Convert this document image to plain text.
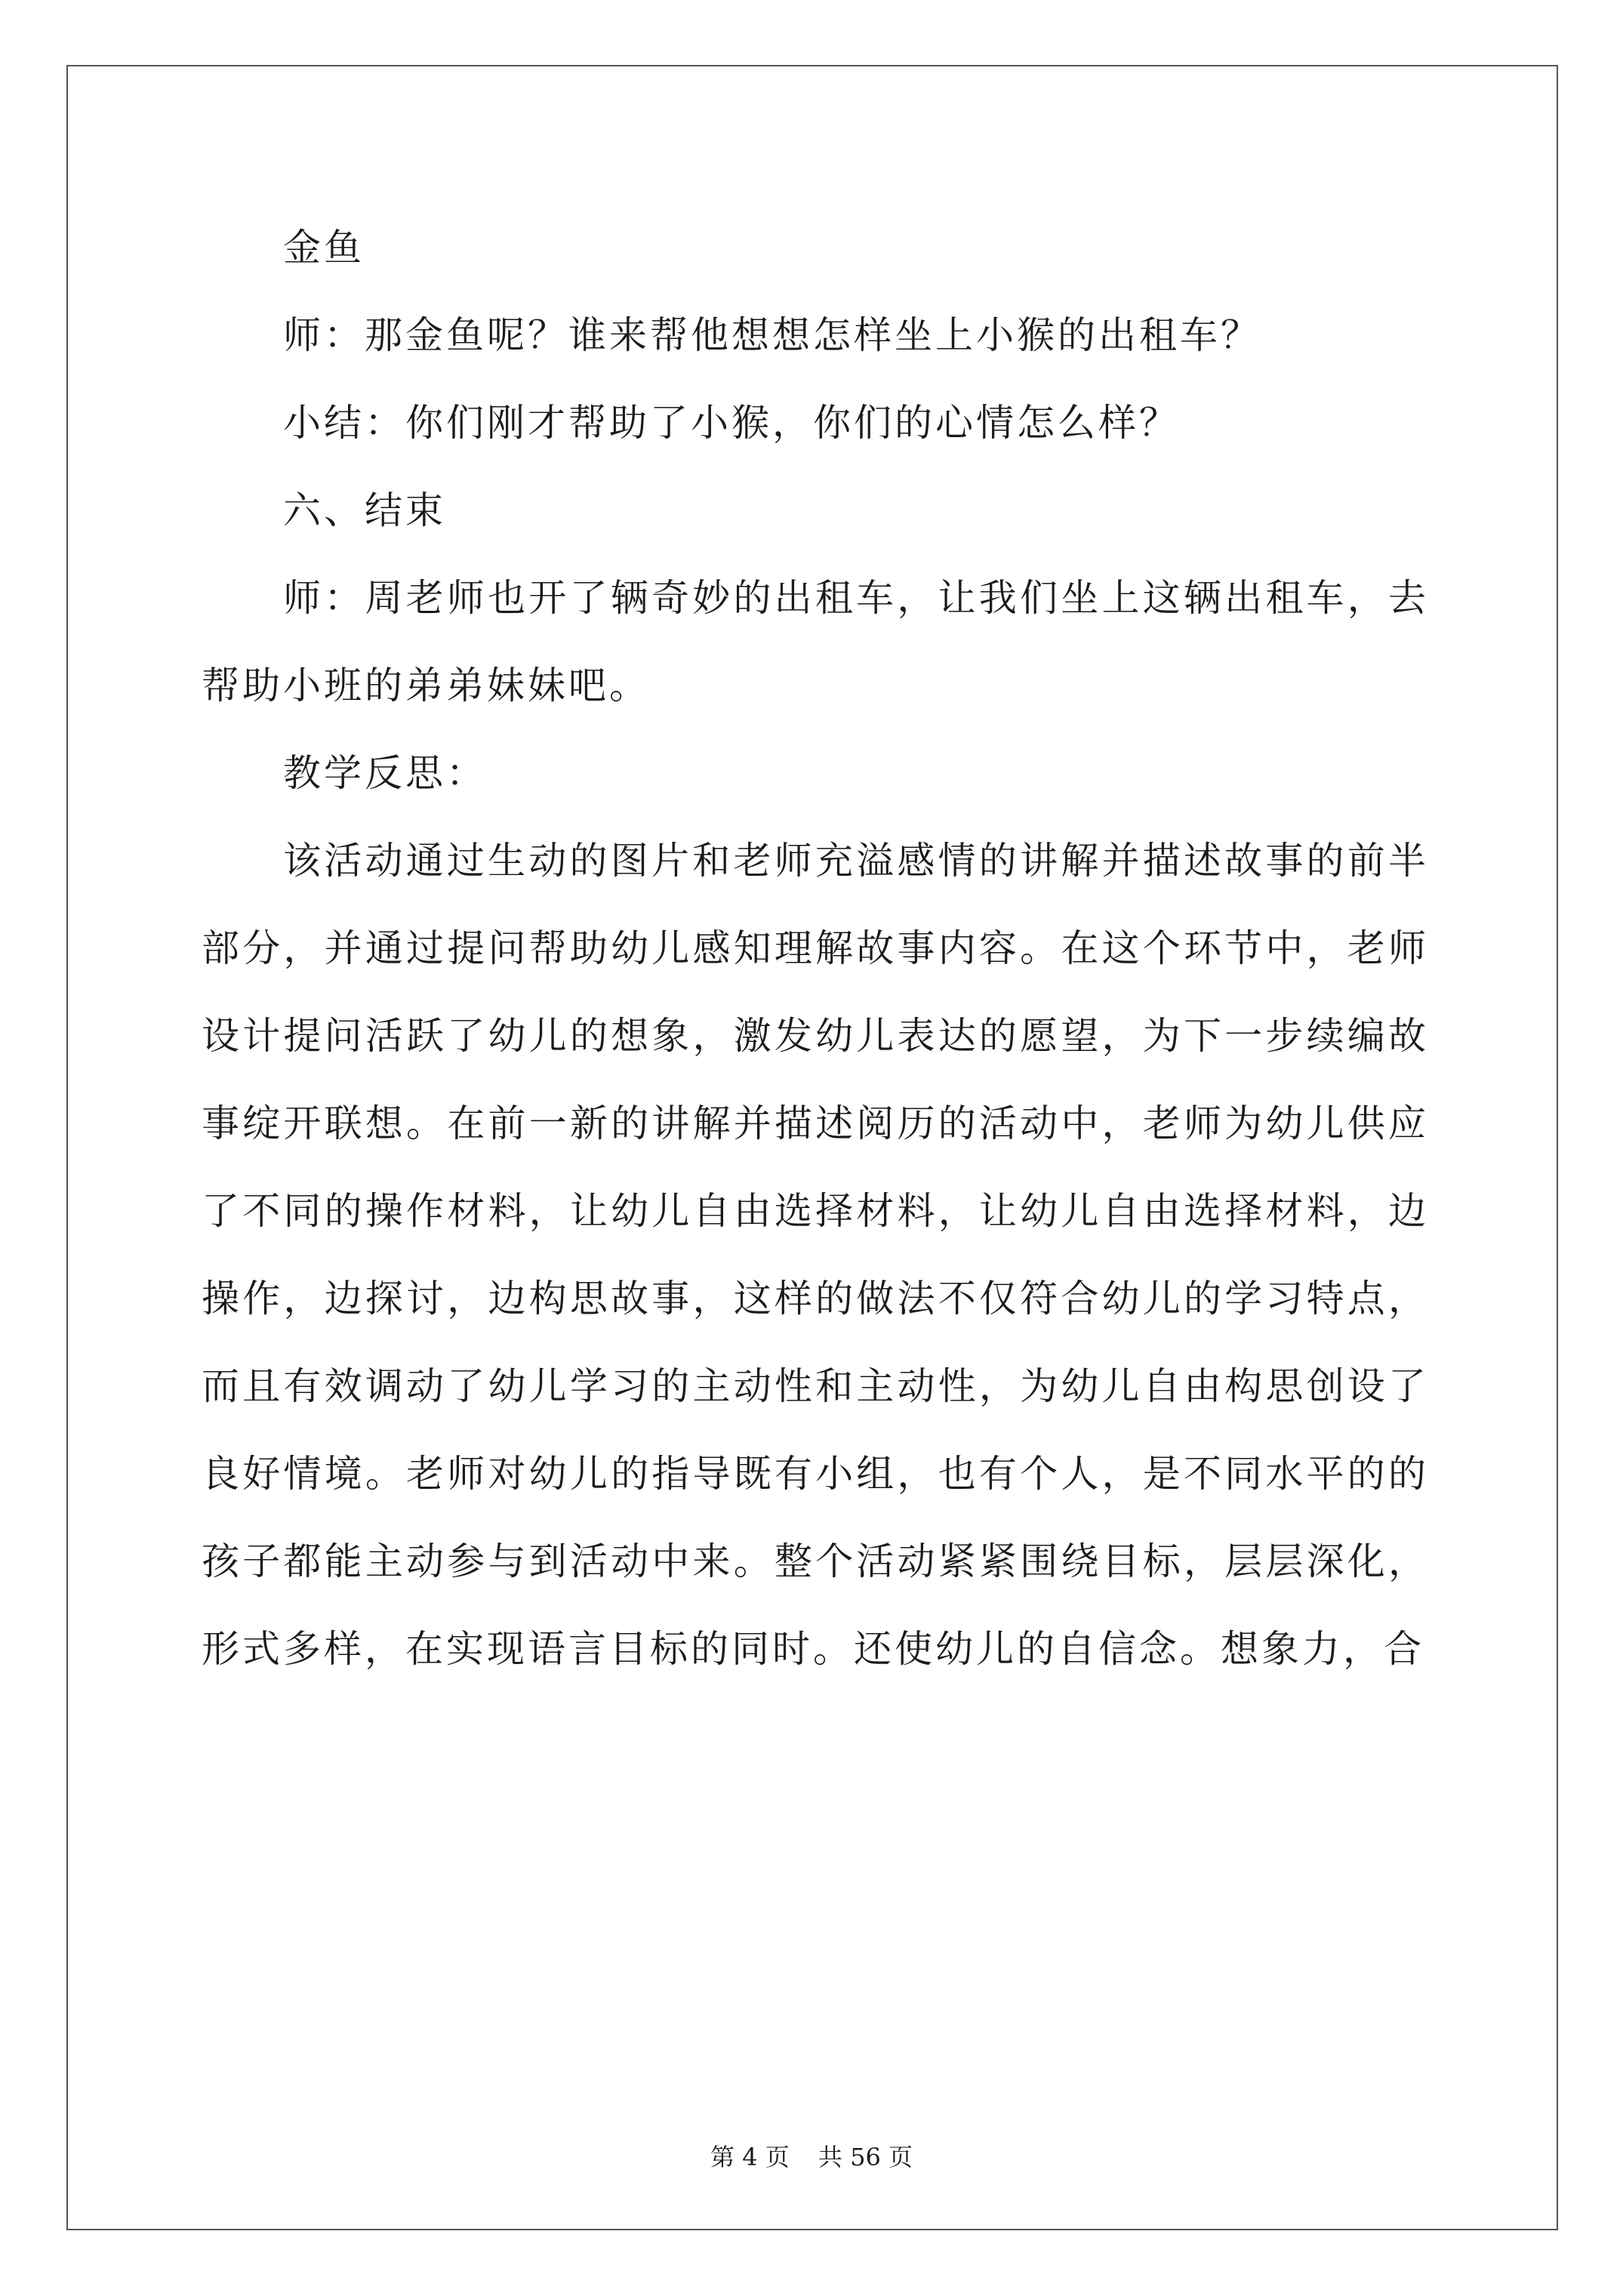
金鱼

师：那金鱼呢？谁来帮他想想怎样坐上小猴的出租车？

小结：你们刚才帮助了小猴，你们的心情怎么样？

六、结束

师：周老师也开了辆奇妙的出租车，让我们坐上这辆出租车，去帮助小班的弟弟妹妹吧。

教学反思：

该活动通过生动的图片和老师充溢感情的讲解并描述故事的前半部分，并通过提问帮助幼儿感知理解故事内容。在这个环节中，老师设计提问活跃了幼儿的想象，激发幼儿表达的愿望，为下一步续编故事绽开联想。在前一新的讲解并描述阅历的活动中，老师为幼儿供应了不同的操作材料，让幼儿自由选择材料，让幼儿自由选择材料，边操作，边探讨，边构思故事，这样的做法不仅符合幼儿的学习特点，而且有效调动了幼儿学习的主动性和主动性，为幼儿自由构思创设了良好情境。老师对幼儿的指导既有小组，也有个人，是不同水平的的孩子都能主动参与到活动中来。整个活动紧紧围绕目标，层层深化，形式多样，在实现语言目标的同时。还使幼儿的自信念。想象力，合

第 4 页 共 56 页
